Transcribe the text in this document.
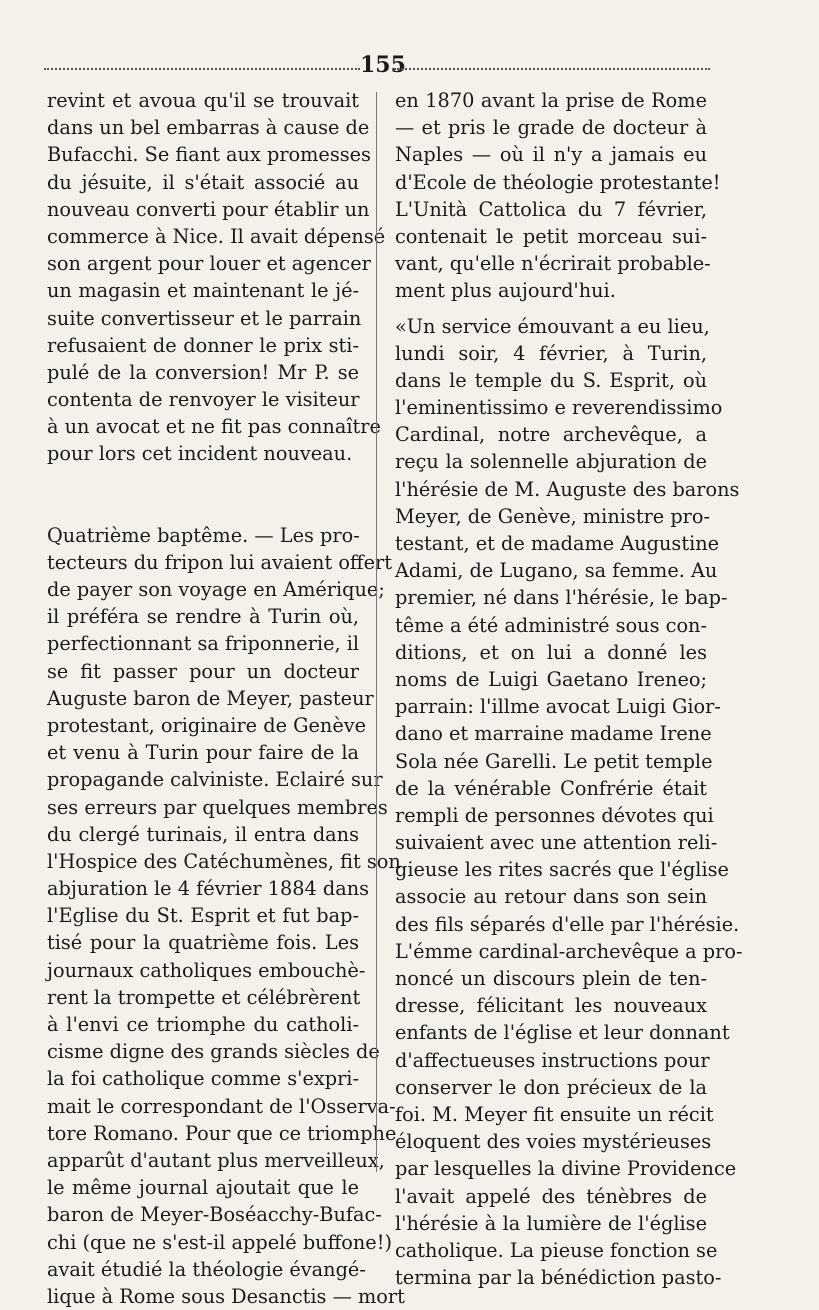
155
revint et avoua qu'il se trouvait
dans un bel embarras à cause de
Bufacchi. Se fiant aux promesses
du jésuite, il s'était associé au
nouveau converti pour établir un
commerce à Nice. Il avait dépensé
son argent pour louer et agencer
un magasin et maintenant le jé-
suite convertisseur et le parrain
refusaient de donner le prix sti-
pulé de la conversion! Mr P. se
contenta de renvoyer le visiteur
à un avocat et ne fit pas connaître
pour lors cet incident nouveau.
Quatrième baptême. — Les pro-
tecteurs du fripon lui avaient offert
de payer son voyage en Amérique;
il préféra se rendre à Turin où,
perfectionnant sa friponnerie, il
se fit passer pour un docteur
Auguste baron de Meyer, pasteur
protestant, originaire de Genève
et venu à Turin pour faire de la
propagande calviniste. Eclairé sur
ses erreurs par quelques membres
du clergé turinais, il entra dans
l'Hospice des Catéchumènes, fit son
abjuration le 4 février 1884 dans
l'Eglise du St. Esprit et fut bap-
tisé pour la quatrième fois. Les
journaux catholiques embouchè-
rent la trompette et célébrèrent
à l'envi ce triomphe du catholi-
cisme digne des grands siècles de
la foi catholique comme s'expri-
mait le correspondant de l'Osserva-
tore Romano. Pour que ce triomphe
apparût d'autant plus merveilleux,
le même journal ajoutait que le
baron de Meyer-Boséacchy-Bufac-
chi (que ne s'est-il appelé buffone!)
avait étudié la théologie évangé-
lique à Rome sous Desanctis — mort
en 1870 avant la prise de Rome
— et pris le grade de docteur à
Naples — où il n'y a jamais eu
d'Ecole de théologie protestante!
L'Unità Cattolica du 7 février,
contenait le petit morceau sui-
vant, qu'elle n'écrirait probable-
ment plus aujourd'hui.
«Un service émouvant a eu lieu,
lundi soir, 4 février, à Turin,
dans le temple du S. Esprit, où
l'eminentissimo e reverendissimo
Cardinal, notre archevêque, a
reçu la solennelle abjuration de
l'hérésie de M. Auguste des barons
Meyer, de Genève, ministre pro-
testant, et de madame Augustine
Adami, de Lugano, sa femme. Au
premier, né dans l'hérésie, le bap-
tême a été administré sous con-
ditions, et on lui a donné les
noms de Luigi Gaetano Ireneo;
parrain: l'illme avocat Luigi Gior-
dano et marraine madame Irene
Sola née Garelli. Le petit temple
de la vénérable Confrérie était
rempli de personnes dévotes qui
suivaient avec une attention reli-
gieuse les rites sacrés que l'église
associe au retour dans son sein
des fils séparés d'elle par l'hérésie.
L'émme cardinal-archevêque a pro-
noncé un discours plein de ten-
dresse, félicitant les nouveaux
enfants de l'église et leur donnant
d'affectueuses instructions pour
conserver le don précieux de la
foi. M. Meyer fit ensuite un récit
éloquent des voies mystérieuses
par lesquelles la divine Providence
l'avait appelé des ténèbres de
l'hérésie à la lumière de l'église
catholique. La pieuse fonction se
termina par la bénédiction pasto-
